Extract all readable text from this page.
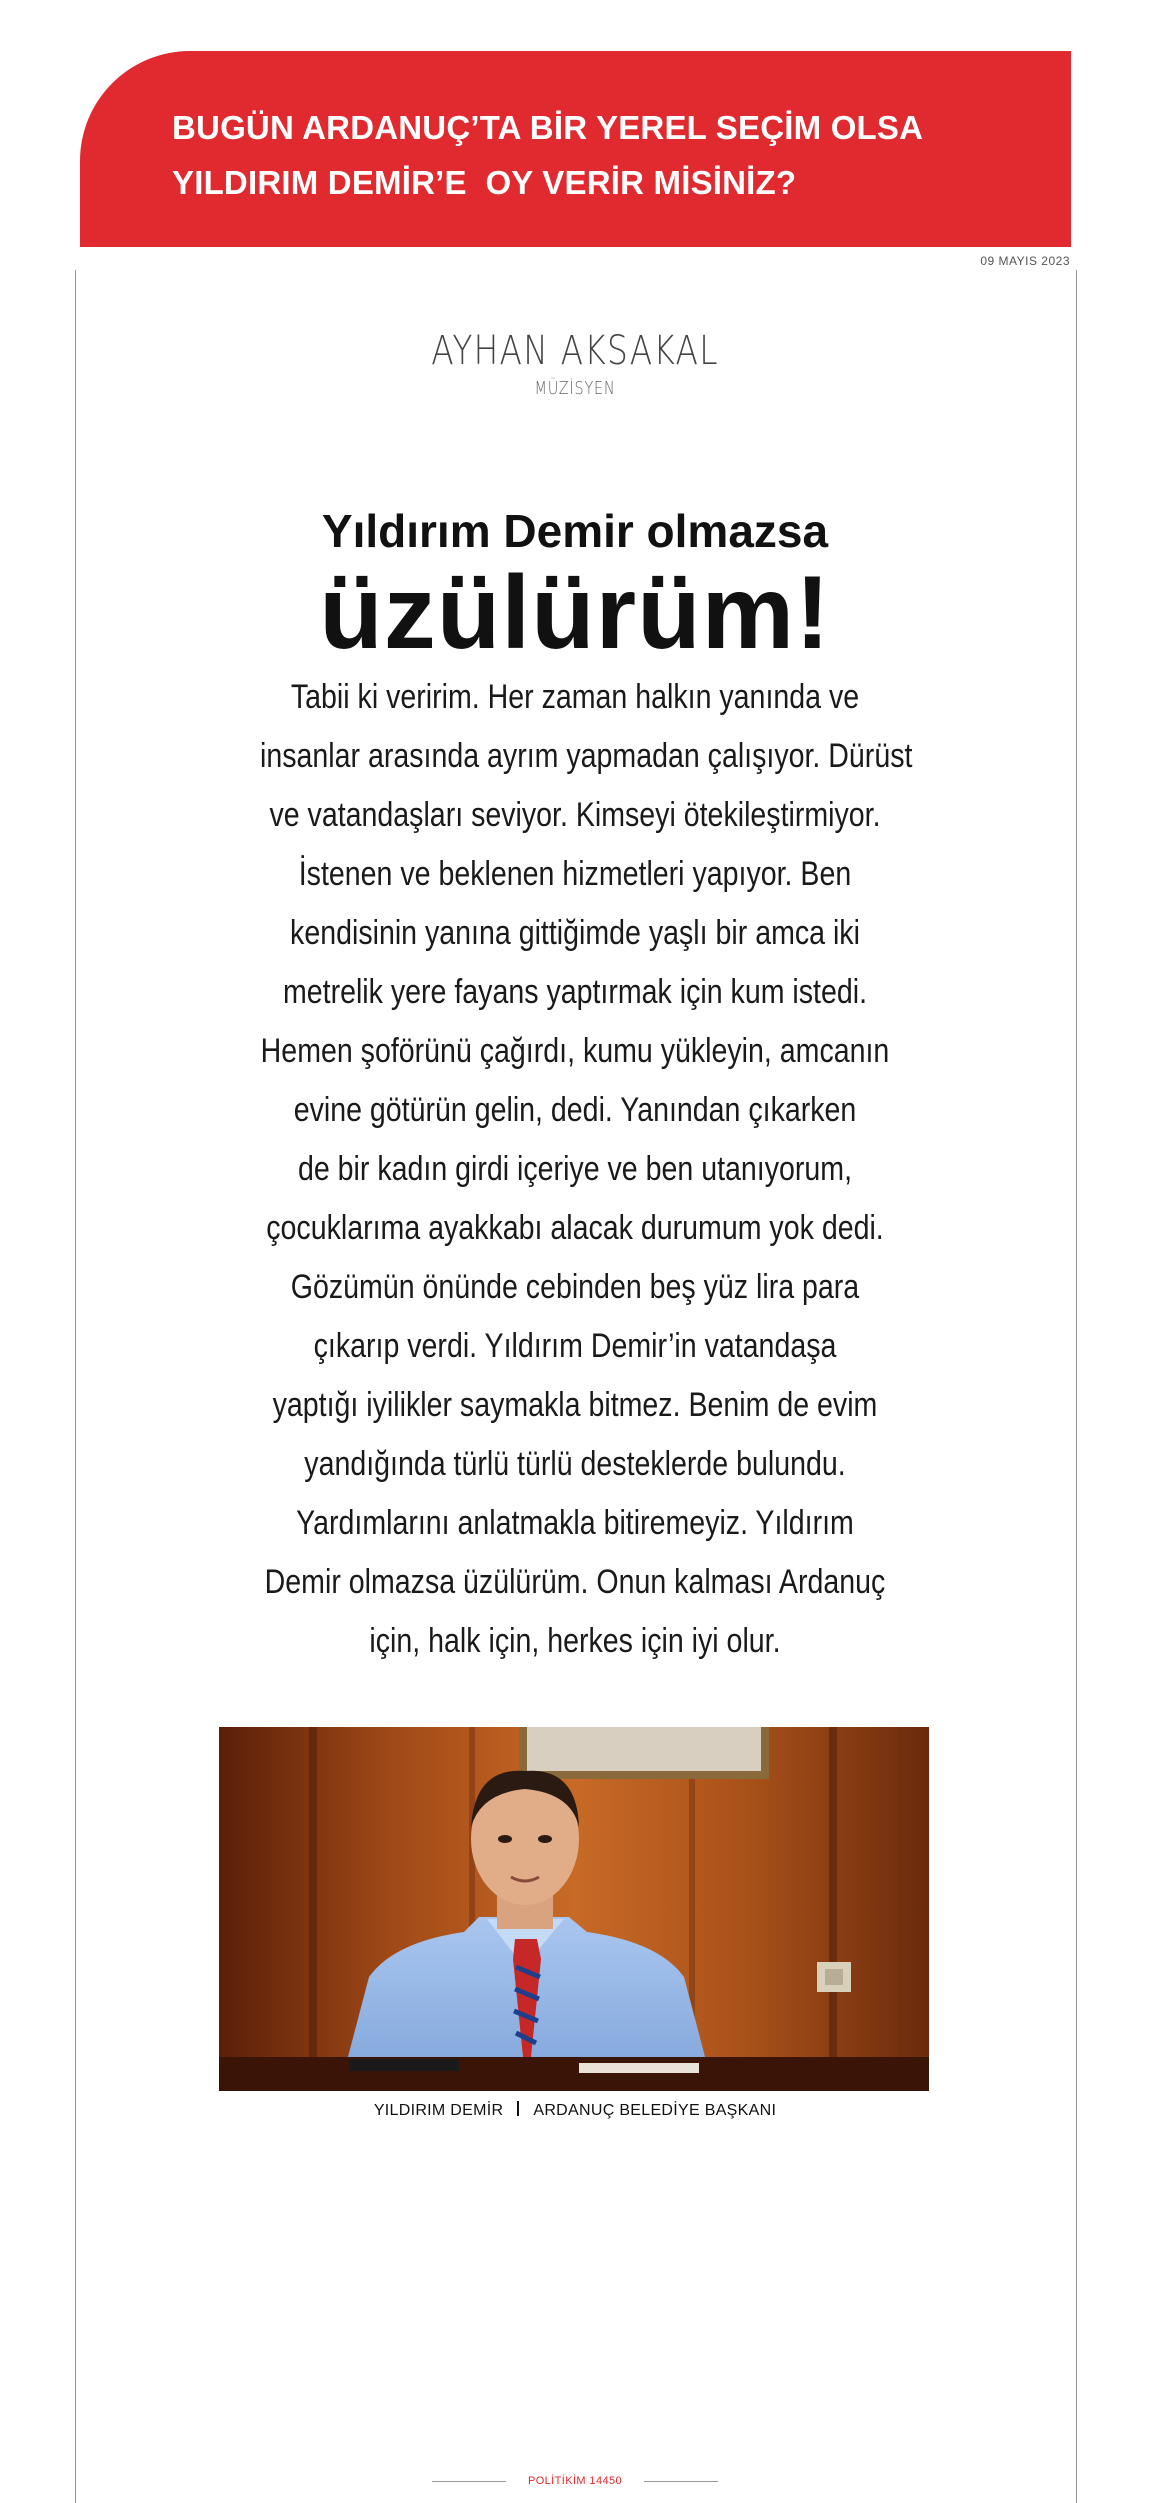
BUGÜN ARDANUÇ’TA BİR YEREL SEÇİM OLSA
YILDIRIM DEMİR’E  OY VERİR MİSİNİZ?
09 MAYIS 2023
AYHAN AKSAKAL
MÜZİSYEN
Yıldırım Demir olmazsa
üzülürüm!
Tabii ki veririm. Her zaman halkın yanında ve
insanlar arasında ayrım yapmadan çalışıyor. Dürüst
ve vatandaşları seviyor. Kimseyi ötekileştirmiyor.
İstenen ve beklenen hizmetleri yapıyor. Ben
kendisinin yanına gittiğimde yaşlı bir amca iki
metrelik yere fayans yaptırmak için kum istedi.
Hemen şoförünü çağırdı, kumu yükleyin, amcanın
evine götürün gelin, dedi. Yanından çıkarken
de bir kadın girdi içeriye ve ben utanıyorum,
çocuklarıma ayakkabı alacak durumum yok dedi.
Gözümün önünde cebinden beş yüz lira para
çıkarıp verdi. Yıldırım Demir’in vatandaşa
yaptığı iyilikler saymakla bitmez. Benim de evim
yandığında türlü türlü desteklerde bulundu.
Yardımlarını anlatmakla bitiremeyiz. Yıldırım
Demir olmazsa üzülürüm. Onun kalması Ardanuç
için, halk için, herkes için iyi olur.
YILDIRIM DEMİR ARDANUÇ BELEDİYE BAŞKANI
POLİTİKİM 14450
